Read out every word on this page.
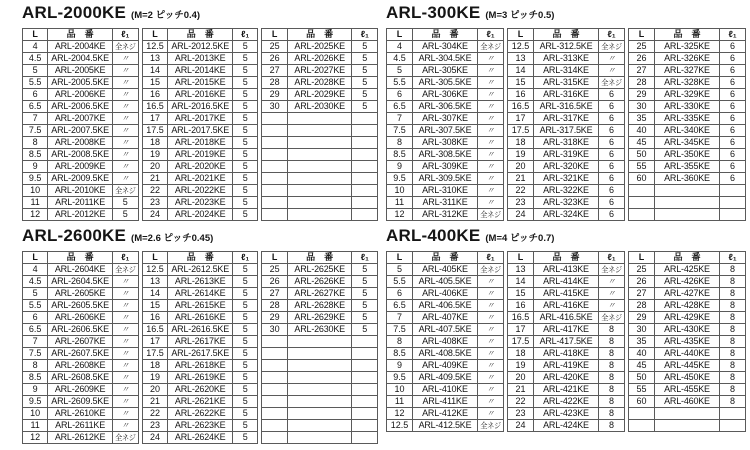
ARL-2000KE (M=2 ピッチ0.4)
L	品　番	ℓ₁
4	ARL-2004KE	全ネジ
4.5	ARL-2004.5KE	〃
5	ARL-2005KE	〃
5.5	ARL-2005.5KE	〃
6	ARL-2006KE	〃
6.5	ARL-2006.5KE	〃
7	ARL-2007KE	〃
7.5	ARL-2007.5KE	〃
8	ARL-2008KE	〃
8.5	ARL-2008.5KE	〃
9	ARL-2009KE	〃
9.5	ARL-2009.5KE	〃
10	ARL-2010KE	全ネジ
11	ARL-2011KE	5
12	ARL-2012KE	5
L	品　番	ℓ₁
12.5	ARL-2012.5KE	5
13	ARL-2013KE	5
14	ARL-2014KE	5
15	ARL-2015KE	5
16	ARL-2016KE	5
16.5	ARL-2016.5KE	5
17	ARL-2017KE	5
17.5	ARL-2017.5KE	5
18	ARL-2018KE	5
19	ARL-2019KE	5
20	ARL-2020KE	5
21	ARL-2021KE	5
22	ARL-2022KE	5
23	ARL-2023KE	5
24	ARL-2024KE	5
L	品　番	ℓ₁
25	ARL-2025KE	5
26	ARL-2026KE	5
27	ARL-2027KE	5
28	ARL-2028KE	5
29	ARL-2029KE	5
30	ARL-2030KE	5

ARL-300KE (M=3 ピッチ0.5)
L	品　番	ℓ₁
4	ARL-304KE	全ネジ
4.5	ARL-304.5KE	〃
5	ARL-305KE	〃
5.5	ARL-305.5KE	〃
6	ARL-306KE	〃
6.5	ARL-306.5KE	〃
7	ARL-307KE	〃
7.5	ARL-307.5KE	〃
8	ARL-308KE	〃
8.5	ARL-308.5KE	〃
9	ARL-309KE	〃
9.5	ARL-309.5KE	〃
10	ARL-310KE	〃
11	ARL-311KE	〃
12	ARL-312KE	全ネジ
L	品　番	ℓ₁
12.5	ARL-312.5KE	全ネジ
13	ARL-313KE	〃
14	ARL-314KE	〃
15	ARL-315KE	全ネジ
16	ARL-316KE	6
16.5	ARL-316.5KE	6
17	ARL-317KE	6
17.5	ARL-317.5KE	6
18	ARL-318KE	6
19	ARL-319KE	6
20	ARL-320KE	6
21	ARL-321KE	6
22	ARL-322KE	6
23	ARL-323KE	6
24	ARL-324KE	6
L	品　番	ℓ₁
25	ARL-325KE	6
26	ARL-326KE	6
27	ARL-327KE	6
28	ARL-328KE	6
29	ARL-329KE	6
30	ARL-330KE	6
35	ARL-335KE	6
40	ARL-340KE	6
45	ARL-345KE	6
50	ARL-350KE	6
55	ARL-355KE	6
60	ARL-360KE	6

ARL-2600KE (M=2.6 ピッチ0.45)
L	品　番	ℓ₁
4	ARL-2604KE	全ネジ
4.5	ARL-2604.5KE	〃
5	ARL-2605KE	〃
5.5	ARL-2605.5KE	〃
6	ARL-2606KE	〃
6.5	ARL-2606.5KE	〃
7	ARL-2607KE	〃
7.5	ARL-2607.5KE	〃
8	ARL-2608KE	〃
8.5	ARL-2608.5KE	〃
9	ARL-2609KE	〃
9.5	ARL-2609.5KE	〃
10	ARL-2610KE	〃
11	ARL-2611KE	〃
12	ARL-2612KE	全ネジ
L	品　番	ℓ₁
12.5	ARL-2612.5KE	5
13	ARL-2613KE	5
14	ARL-2614KE	5
15	ARL-2615KE	5
16	ARL-2616KE	5
16.5	ARL-2616.5KE	5
17	ARL-2617KE	5
17.5	ARL-2617.5KE	5
18	ARL-2618KE	5
19	ARL-2619KE	5
20	ARL-2620KE	5
21	ARL-2621KE	5
22	ARL-2622KE	5
23	ARL-2623KE	5
24	ARL-2624KE	5
L	品　番	ℓ₁
25	ARL-2625KE	5
26	ARL-2626KE	5
27	ARL-2627KE	5
28	ARL-2628KE	5
29	ARL-2629KE	5
30	ARL-2630KE	5

ARL-400KE (M=4 ピッチ0.7)
L	品　番	ℓ₁
5	ARL-405KE	全ネジ
5.5	ARL-405.5KE	〃
6	ARL-406KE	〃
6.5	ARL-406.5KE	〃
7	ARL-407KE	〃
7.5	ARL-407.5KE	〃
8	ARL-408KE	〃
8.5	ARL-408.5KE	〃
9	ARL-409KE	〃
9.5	ARL-409.5KE	〃
10	ARL-410KE	〃
11	ARL-411KE	〃
12	ARL-412KE	〃
12.5	ARL-412.5KE	全ネジ
L	品　番	ℓ₁
13	ARL-413KE	全ネジ
14	ARL-414KE	〃
15	ARL-415KE	〃
16	ARL-416KE	〃
16.5	ARL-416.5KE	全ネジ
17	ARL-417KE	8
17.5	ARL-417.5KE	8
18	ARL-418KE	8
19	ARL-419KE	8
20	ARL-420KE	8
21	ARL-421KE	8
22	ARL-422KE	8
23	ARL-423KE	8
24	ARL-424KE	8
L	品　番	ℓ₁
25	ARL-425KE	8
26	ARL-426KE	8
27	ARL-427KE	8
28	ARL-428KE	8
29	ARL-429KE	8
30	ARL-430KE	8
35	ARL-435KE	8
40	ARL-440KE	8
45	ARL-445KE	8
50	ARL-450KE	8
55	ARL-455KE	8
60	ARL-460KE	8
